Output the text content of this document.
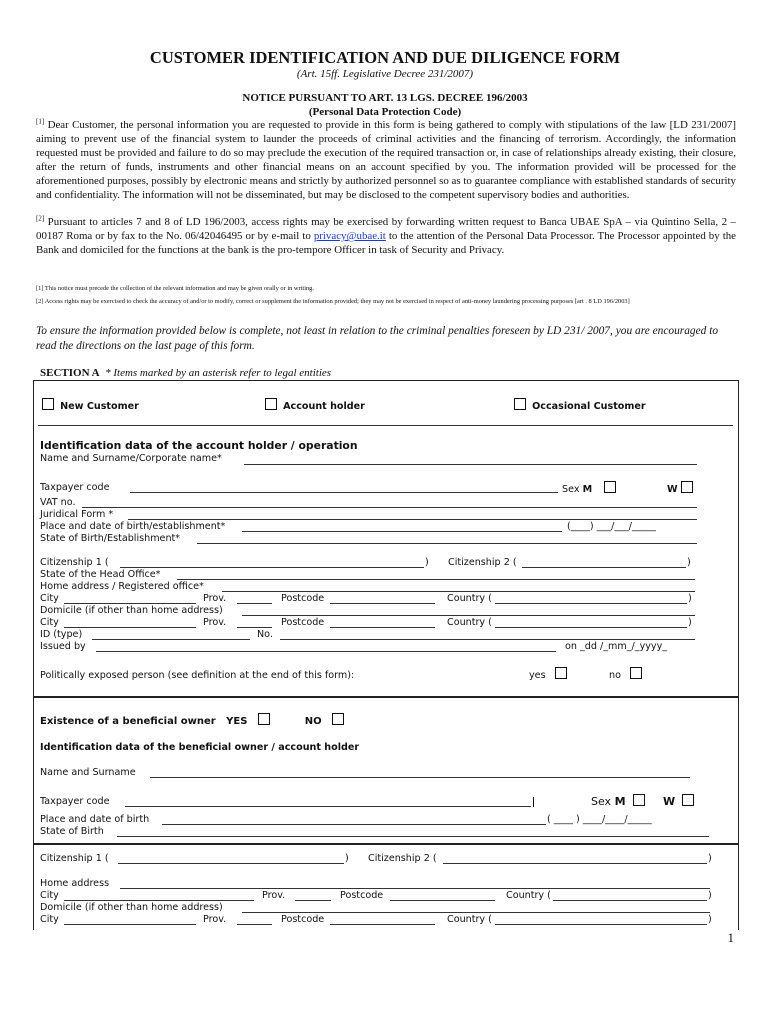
CUSTOMER IDENTIFICATION AND DUE DILIGENCE FORM
(Art. 15ff. Legislative Decree 231/2007)
NOTICE PURSUANT TO ART. 13 LGS. DECREE 196/2003
(Personal Data Protection Code)
[1] Dear Customer, the personal information you are requested to provide in this form is being gathered to comply with stipulations of the law [LD 231/2007] aiming to prevent use of the financial system to launder the proceeds of criminal activities and the financing of terrorism. Accordingly, the information requested must be provided and failure to do so may preclude the execution of the required transaction or, in case of relationships already existing, their closure, after the return of funds, instruments and other financial means on an account specified by you. The information provided will be processed for the aforementioned purposes, possibly by electronic means and strictly by authorized personnel so as to guarantee compliance with established standards of security and confidentiality. The information will not be disseminated, but may be disclosed to the competent supervisory bodies and authorities.
[2] Pursuant to articles 7 and 8 of LD 196/2003, access rights may be exercised by forwarding written request to Banca UBAE SpA – via Quintino Sella, 2 – 00187 Roma or by fax to the No. 06/42046495 or by e-mail to privacy@ubae.it to the attention of the Personal Data Processor. The Processor appointed by the Bank and domiciled for the functions at the bank is the pro-tempore Officer in task of Security and Privacy.
[1] This notice must precede the collection of the relevant information and may be given orally or in writing.
[2] Access rights may be exercised to check the accuracy of and/or to modify, correct or supplement the information provided; they may not be exercised in respect of anti-money laundering processing purposes [art . 8 LD 196/2003]
To ensure the information provided below is complete, not least in relation to the criminal penalties foreseen by LD 231/ 2007, you are encouraged to read the directions on the last page of this form.
SECTION A * Items marked by an asterisk refer to legal entities
New Customer	Account holder	Occasional Customer
Identification data of the account holder / operation
Name and Surname/Corporate name*
Taxpayer code	Sex M	W
VAT no.
Juridical Form *
Place and date of birth/establishment*	(____) ___/___/_____
State of Birth/Establishment*
Citizenship 1 (	) Citizenship 2 (	)
State of the Head Office*
Home address / Registered office*
City	Prov.	Postcode	Country (	)
Domicile (if other than home address)
City	Prov.	Postcode	Country (	)
ID (type)	No.
Issued by	on _dd /_mm_/_yyyy_
Politically exposed person (see definition at the end of this form):	yes	no
Existence of a beneficial owner YES	NO
Identification data of the beneficial owner / account holder
Name and Surname
Taxpayer code	Sex M	W
Place and date of birth	( ____ ) ____/____/_____
State of Birth
Citizenship 1 (	) Citizenship 2 (	)
Home address
City	Prov.	Postcode	Country (	)
Domicile (if other than home address)
City	Prov.	Postcode	Country (	)
1
